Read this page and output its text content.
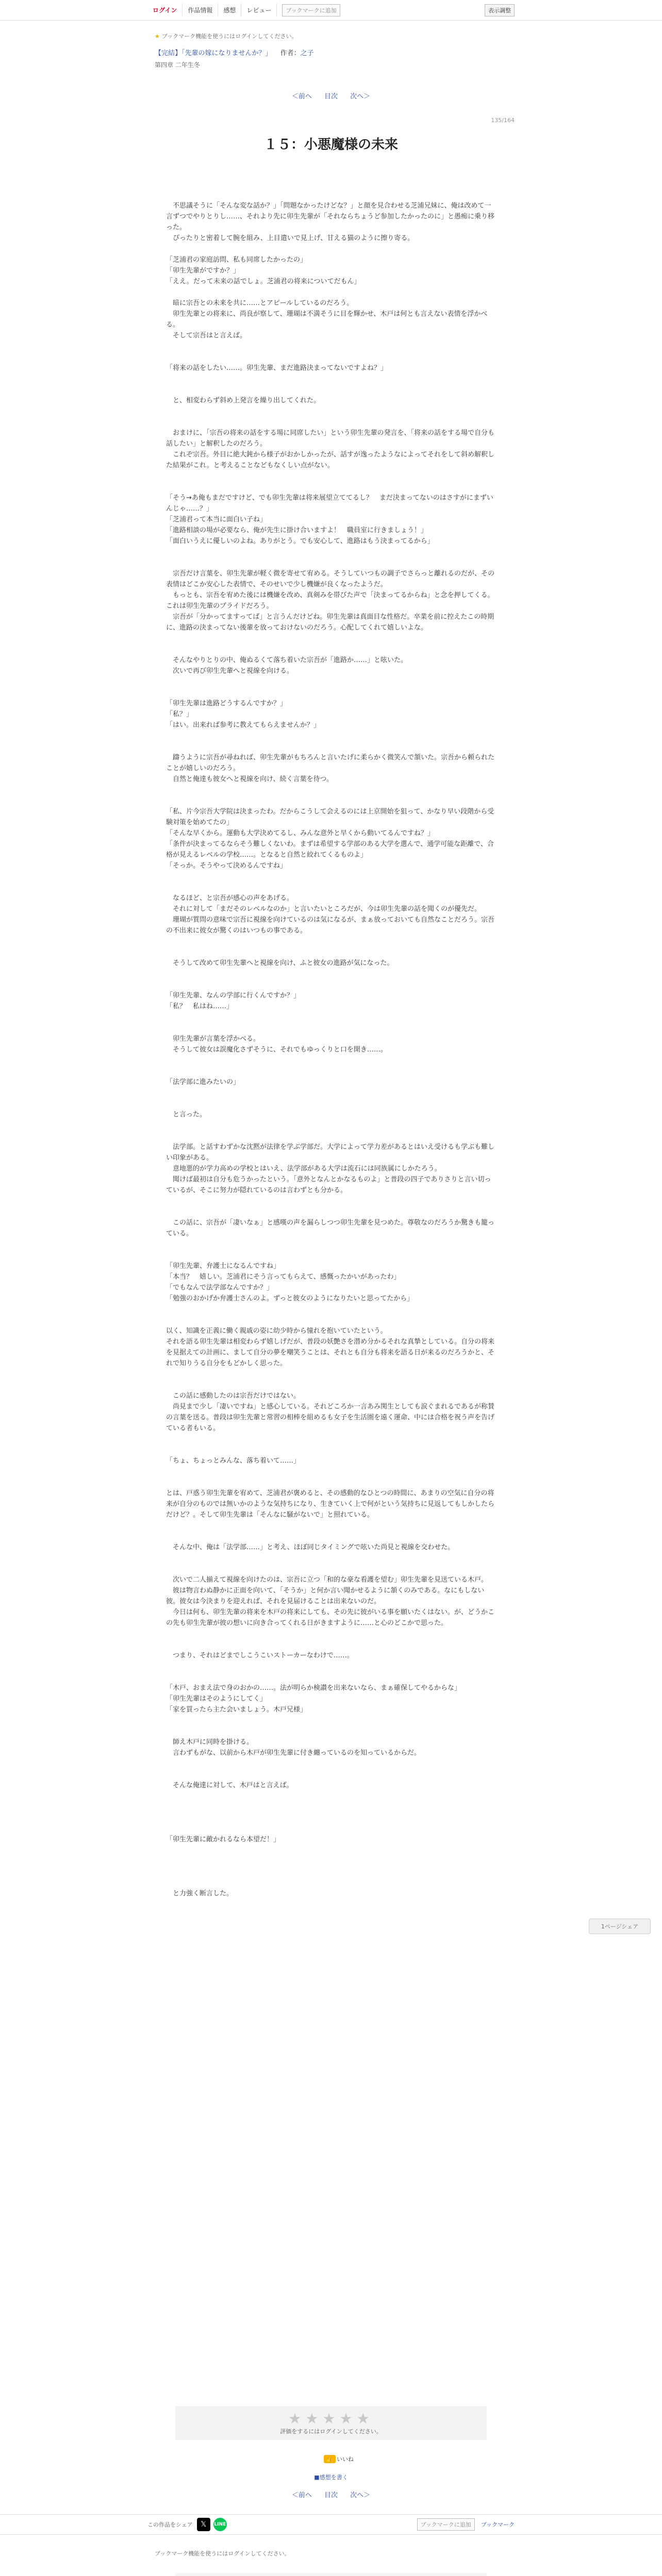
ログイン	作品情報	感想	レビュー	ブックマークに追加	表示調整
★ ブックマーク機能を使うにはログインしてください。
【完結】「先輩の嫁になりませんか？」 作者：之子
第四章 二年生冬
＜前へ 目次 次へ＞
135/164
１５：小悪魔様の未来

　不思議そうに「そんな変な話か？」「問題なかったけどな？」と顔を見合わせる芝浦兄妹に、俺は改めて一言ずつでやりとりし……、それより先に卯生先輩が「それならちょうど参加したかったのに」と愚痴に乗り移った。

　ぴったりと密着して腕を組み、上目遣いで見上げ、甘える猫のように擦り寄る。

「芝浦君の家庭訪問、私も同席したかったの」

「卯生先輩がですか？」

「ええ。だって未来の話でしょ。芝浦君の将来についてだもん」

　暗に宗吾との未来を共に……とアピールしているのだろう。

　卯生先輩との将来に、尚良が察して、珊瑚は不満そうに目を輝かせ、木戸は何とも言えない表情を浮かべる。

　そして宗吾はと言えば。

「将来の話をしたい……。卯生先輩、まだ進路決まってないですよね？」

　と、相変わらず斜め上発言を繰り出してくれた。

　おまけに、「宗吾の将来の話をする場に同席したい」という卯生先輩の発言を、「将来の話をする場で自分も話したい」と解釈したのだろう。

　これぞ宗吾。外目に絶大鈍から様子がおかしかったが、話すが逸ったようなによってそれをして斜め解釈した結果がこれ。と考えることなどもなくしい点がない。

「そう→あ俺もまだですけど、でも卯生先輩は将来展望立ててるし？　まだ決まってないのはさすがにまずいんじゃ……？」

「芝浦君って本当に面白い子ね」

「進路相談の場が必要なら、俺が先生に掛け合いますよ！　職員室に行きましょう！」

「面白いうえに優しいのよね。ありがとう。でも安心して、進路はもう決まってるから」

　宗吾だけ言葉を、卯生先輩が軽く微を寄せて宥める。そうしていつもの調子でさらっと離れるのだが、その表情はどこか安心した表情で、そのせいで少し機嫌が良くなったようだ。

　もっとも、宗吾を宥めた後には機嫌を改め、真剣みを帯びた声で「決まってるからね」と念を押してくる。これは卯生先輩のプライドだろう。

　宗吾が「分かってますってば」と言うんだけどね。卯生先輩は真面目な性格だ。卒業を前に控えたこの時期に、進路の決まってない後輩を放っておけないのだろう。心配してくれて嬉しいよな。

　そんなやりとりの中、俺ぬるくて落ち着いた宗吾が「進路か……」と呟いた。

　次いで再び卯生先輩へと視線を向ける。

「卯生先輩は進路どうするんですか？」

「私？」

「はい。出来れば参考に教えてもらえませんか？」

　躊うように宗吾が尋ねれば、卯生先輩がもちろんと言いたげに柔らかく微笑んで頷いた。宗吾から頼られたことが嬉しいのだろう。

　自然と俺達も彼女へと視線を向け、続く言葉を待つ。

「私、片今宗吾大学院は決まったわ。だからこうして会えるのには上京開始を狙って、かなり早い段階から受験対策を始めてたの」

「そんな早くから。運動も大学決めてるし、みんな意外と早くから動いてるんですね？」

「条件が決まってるならそう難しくないわ。まずは希望する学部のある大学を選んで、通学可能な距離で、合格が見えるレベルの学校……。となると自然と絞れてくるものよ」

「そっか。そうやって決めるんですね」

　なるほど、と宗吾が感心の声をあげる。

　それに対して「まだそのレベルなのか」と言いたいところだが、今は卯生先輩の話を聞くのが優先だ。

　珊瑚が質問の意味で宗吾に視線を向けているのは気になるが、まぁ放っておいても自然なことだろう。宗吾の不出来に彼女が驚くのはいつもの事である。

　そうして改めて卯生先輩へと視線を向け、ふと彼女の進路が気になった。

「卯生先輩、なんの学部に行くんですか？」

「私？　私はね……」

　卯生先輩が言葉を浮かべる。

　そうして彼女は誤魔化さずそうに、それでもゆっくりと口を開き……。

「法学部に進みたいの」

　と言った。

　法学部。と話すわずかな沈黙が法律を学ぶ学部だ。大学によって学力差があるとはいえ受けるも学ぶも難しい印象がある。

　意地悪的が学力高めの学校とはいえ、法学部がある大学は流石には同族属にしかたろう。

　聞けば最初は自分も危うかったという。「意外となんとかなるものよ」と普段の四子でありさりと言い切っているが、そこに努力が隠れているのは言わずとも分かる。

　この話に、宗吾が「凄いなぁ」と感嘆の声を漏らしつつ卯生先輩を見つめた。尊敬なのだろうか驚きも籠っている。

「卯生先輩、弁護士になるんですね」

「本当？　嬉しい。芝浦君にそう言ってもらえて、感慨ったかいがあったわ」

「でもなんで法学部なんですか？」

「勉強のおかげか弁護士さんのよ。ずっと彼女のようになりたいと思ってたから」

以く、知識を正義に働く親戚の姿に幼少時から憧れを抱いていたという。

それを語る卯生先輩は相変わらず嬉しげだが、普段の妖艶さを潜め分かるそれな真摯としている。自分の将来を見据えての計画に、まして自分の夢を嘲笑うことは、それとも自分も将来を語る日が来るのだろうかと、それで知りうる自分をもどかしく思った。

　この話に感動したのは宗吾だけではない。

　尚見まで少し「凄いですね」と感心している。それどころか一言あみ関生としても涙ぐまれるであるが称賛の言葉を送る。普段は卯生先輩と常習の相棒を組めるも女子を生活圏を遠く運命、中には合格を祝う声を告げている者もいる。

「ちょ、ちょっとみんな、落ち着いて……」

とは、戸惑う卯生先輩を宥めて、芝浦君が褒めると、その感動的なひとつの時間に、あまりの空気に自分の将来が自分のものでは無いかのような気持ちになり、生きていく上で何がという気持ちに見返してもしかしたらだけど？。そして卯生先輩は「そんなに騒がないで」と照れている。

　そんな中、俺は「法学部……」と考え、ほぼ同じタイミングで呟いた尚見と視線を交わせた。

　次いで二人揃えて視線を向けたのは、宗吾に立つ「和的な豪な看護を望む」卯生先輩を見送ている木戸。

　彼は物言わぬ静かに正面を向いて、「そうか」と何か言い聞かせるように頷くのみである。なにもしない彼。彼女は今決まりを迎えれば、それを見届けることは出来ないのだ。

　今日は何も、卯生先輩の将来を木戸の将来にしても、その先に彼がいる事を願いたくはない。が、どうかこの先も卯生先輩が彼の想いに向き合ってくれる日がきますように……と心のどこかで思った。

　つまり、それはどまでしこうこいストーカーなわけで……。

「木戸、おまえ法で身のおかの……。法が明らか検讃を出来ないなら、まぁ確保してやるからな」

「卯生先輩はそのようにしてく」

「家を買ったら主た会いましょう。木戸兄様」

　師え木戸に同時を掛ける。

　言わずもがな、以前から木戸が卯生先輩に付き纏っているのを知っているからだ。

　そんな俺達に対して、木戸はと言えば。

「卯生先輩に敵かれるなら本望だ！」

　と力強く断言した。

1ページシェア
★★★★★
評価をするにはログインしてください。
👍 いいね
■感想を書く
＜前へ 目次 次へ＞
この作品をシェア	𝕏	LINE	ブックマークに追加	ブックマーク
ブックマーク機能を使うにはログインしてください。
